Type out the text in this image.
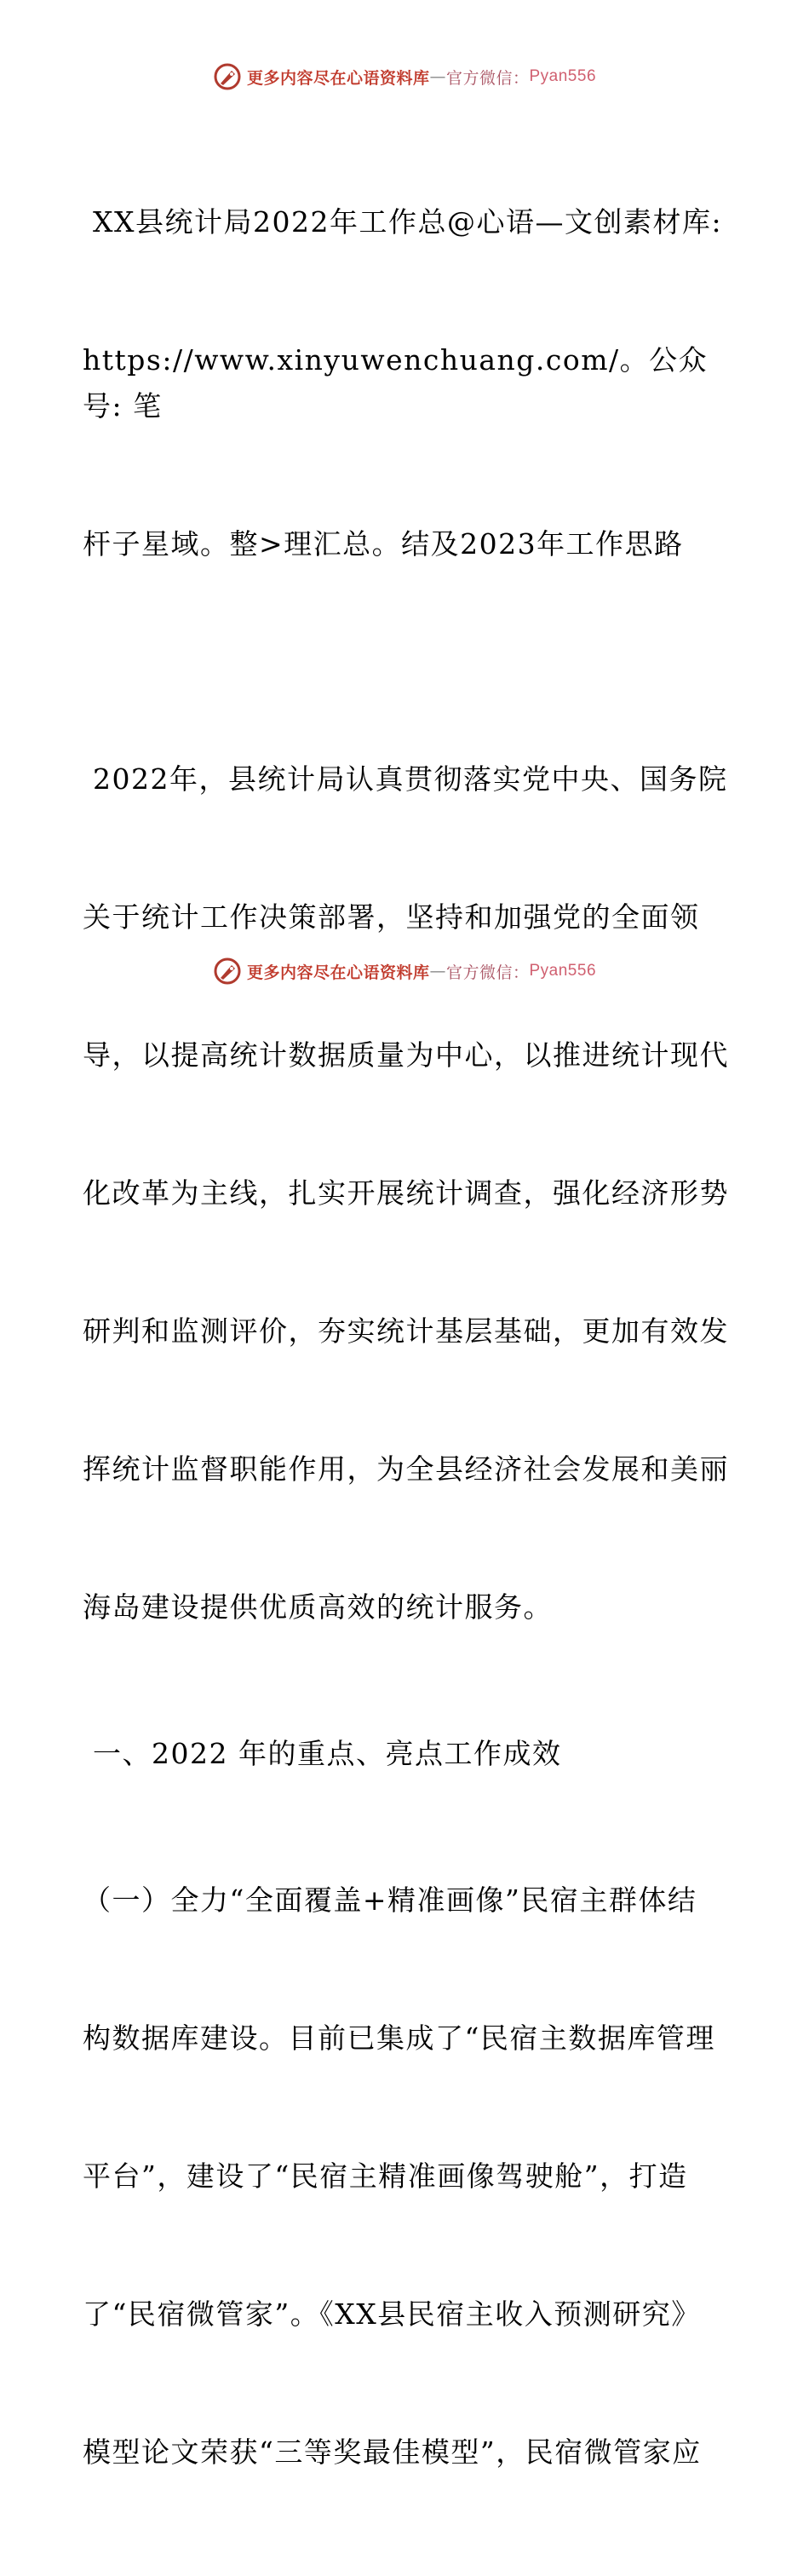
更多内容尽在心语资料库 — 官方微信： Pyan556

XX县统计局2022年工作总@心语—文创素材库:

https://www.xinyuwenchuang.com/。公众号: 笔

杆子星域。整>理汇总。结及2023年工作思路

2022年，县统计局认真贯彻落实党中央、国务院

关于统计工作决策部署，坚持和加强党的全面领

导，以提高统计数据质量为中心，以推进统计现代

化改革为主线，扎实开展统计调查，强化经济形势

研判和监测评价，夯实统计基层基础，更加有效发

挥统计监督职能作用，为全县经济社会发展和美丽

海岛建设提供优质高效的统计服务。

一、2022 年的重点、亮点工作成效

（一）全力“全面覆盖+精准画像”民宿主群体结

构数据库建设。目前已集成了“民宿主数据库管理

平台”，建设了“民宿主精准画像驾驶舱”，打造

了“民宿微管家”。《XX县民宿主收入预测研究》

模型论文荣获“三等奖最佳模型”，民宿微管家应

更多内容尽在心语资料库 — 官方微信： Pyan556
